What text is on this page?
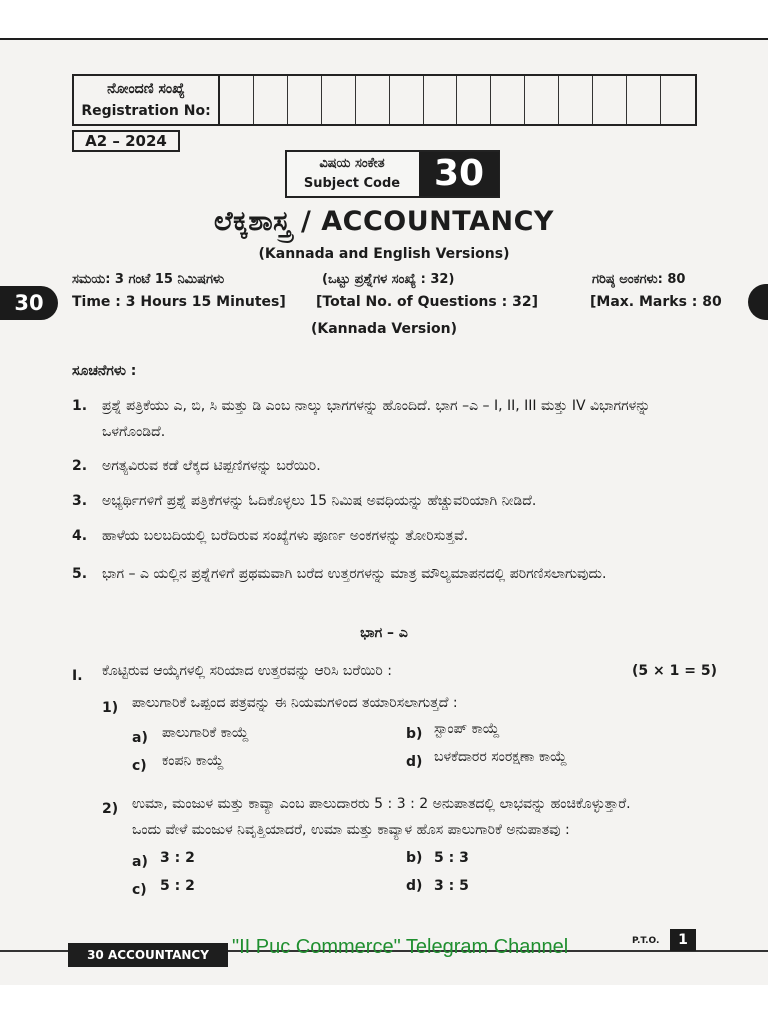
ನೋಂದಣಿ ಸಂಖ್ಯೆ
Registration No:
A2 – 2024
ವಿಷಯ ಸಂಕೇತ
Subject Code 30
30
ಲೆಕ್ಕಶಾಸ್ತ್ರ / ACCOUNTANCY
(Kannada and English Versions)
ಸಮಯ: 3 ಗಂಟೆ 15 ನಿಮಿಷಗಳು	(ಒಟ್ಟು ಪ್ರಶ್ನೆಗಳ ಸಂಖ್ಯೆ : 32)	ಗರಿಷ್ಠ ಅಂಕಗಳು: 80
Time : 3 Hours 15 Minutes] [Total No. of Questions : 32]	[Max. Marks : 80
(Kannada Version)
ಸೂಚನೆಗಳು :
1. ಪ್ರಶ್ನೆ ಪತ್ರಿಕೆಯು ಎ, ಬಿ, ಸಿ ಮತ್ತು ಡಿ ಎಂಬ ನಾಲ್ಕು ಭಾಗಗಳನ್ನು ಹೊಂದಿದೆ. ಭಾಗ –ಎ – I, II, III ಮತ್ತು IV ವಿಭಾಗಗಳನ್ನು ಒಳಗೊಂಡಿದೆ.
2. ಅಗತ್ಯವಿರುವ ಕಡೆ ಲೆಕ್ಕದ ಟಿಪ್ಪಣಿಗಳನ್ನು ಬರೆಯಿರಿ.
3. ಅಭ್ಯರ್ಥಿಗಳಿಗೆ ಪ್ರಶ್ನೆ ಪತ್ರಿಕೆಗಳನ್ನು ಓದಿಕೊಳ್ಳಲು 15 ನಿಮಿಷ ಅವಧಿಯನ್ನು ಹೆಚ್ಚುವರಿಯಾಗಿ ನೀಡಿದೆ.
4. ಹಾಳೆಯ ಬಲಬದಿಯಲ್ಲಿ ಬರೆದಿರುವ ಸಂಖ್ಯೆಗಳು ಪೂರ್ಣ ಅಂಕಗಳನ್ನು ತೋರಿಸುತ್ತವೆ.
5. ಭಾಗ – ಎ ಯಲ್ಲಿನ ಪ್ರಶ್ನೆಗಳಿಗೆ ಪ್ರಥಮವಾಗಿ ಬರೆದ ಉತ್ತರಗಳನ್ನು ಮಾತ್ರ ಮೌಲ್ಯಮಾಪನದಲ್ಲಿ ಪರಿಗಣಿಸಲಾಗುವುದು.
ಭಾಗ – ಎ
I. ಕೊಟ್ಟಿರುವ ಆಯ್ಕೆಗಳಲ್ಲಿ ಸರಿಯಾದ ಉತ್ತರವನ್ನು ಆರಿಸಿ ಬರೆಯಿರಿ :	(5 × 1 = 5)
1) ಪಾಲುಗಾರಿಕೆ ಒಪ್ಪಂದ ಪತ್ರವನ್ನು ಈ ನಿಯಮಗಳಿಂದ ತಯಾರಿಸಲಾಗುತ್ತದೆ :
a) ಪಾಲುಗಾರಿಕೆ ಕಾಯ್ದೆ	b) ಸ್ಟಾಂಪ್ ಕಾಯ್ದೆ
c) ಕಂಪನಿ ಕಾಯ್ದೆ	d) ಬಳಕೆದಾರರ ಸಂರಕ್ಷಣಾ ಕಾಯ್ದೆ
2) ಉಮಾ, ಮಂಜುಳ ಮತ್ತು ಕಾವ್ಯಾ ಎಂಬ ಪಾಲುದಾರರು 5 : 3 : 2 ಅನುಪಾತದಲ್ಲಿ ಲಾಭವನ್ನು ಹಂಚಿಕೊಳ್ಳುತ್ತಾರೆ.
ಒಂದು ವೇಳೆ ಮಂಜುಳ ನಿವೃತ್ತಿಯಾದರೆ, ಉಮಾ ಮತ್ತು ಕಾವ್ಯಾಳ ಹೊಸ ಪಾಲುಗಾರಿಕೆ ಅನುಪಾತವು :
a) 3 : 2	b) 5 : 3
c) 5 : 2	d) 3 : 5
30 ACCOUNTANCY	"II Puc Commerce" Telegram Channel	P.T.O.	1
